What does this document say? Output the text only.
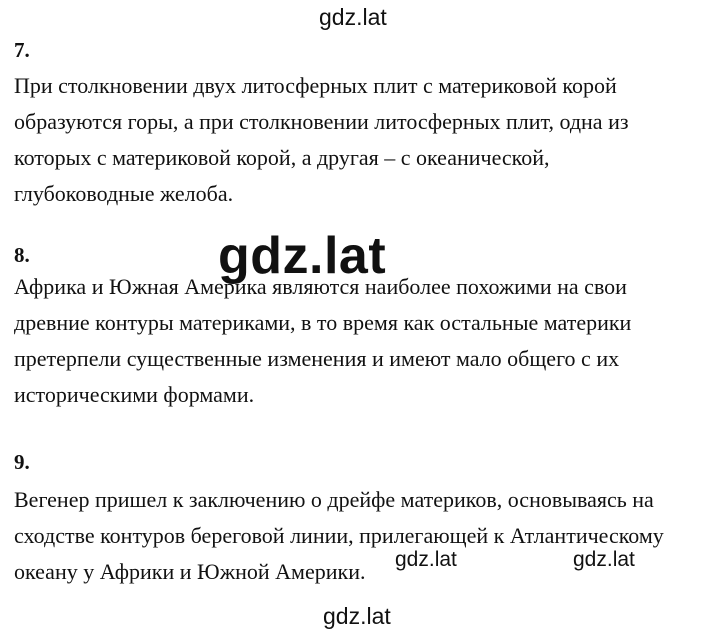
gdz.lat

7.

При столкновении двух литосферных плит с материковой корой
образуются горы, а при столкновении литосферных плит, одна из
которых с материковой корой, а другая – с океанической,
глубоководные желоба.

8.

Африка и Южная Америка являются наиболее похожими на свои
древние контуры материками, в то время как остальные материки
претерпели существенные изменения и имеют мало общего с их
историческими формами.

gdz.lat

9.

Вегенер пришел к заключению о дрейфе материков, основываясь на
сходстве контуров береговой линии, прилегающей к Атлантическому
океану у Африки и Южной Америки.	gdz.lat	gdz.lat
gdz.lat
